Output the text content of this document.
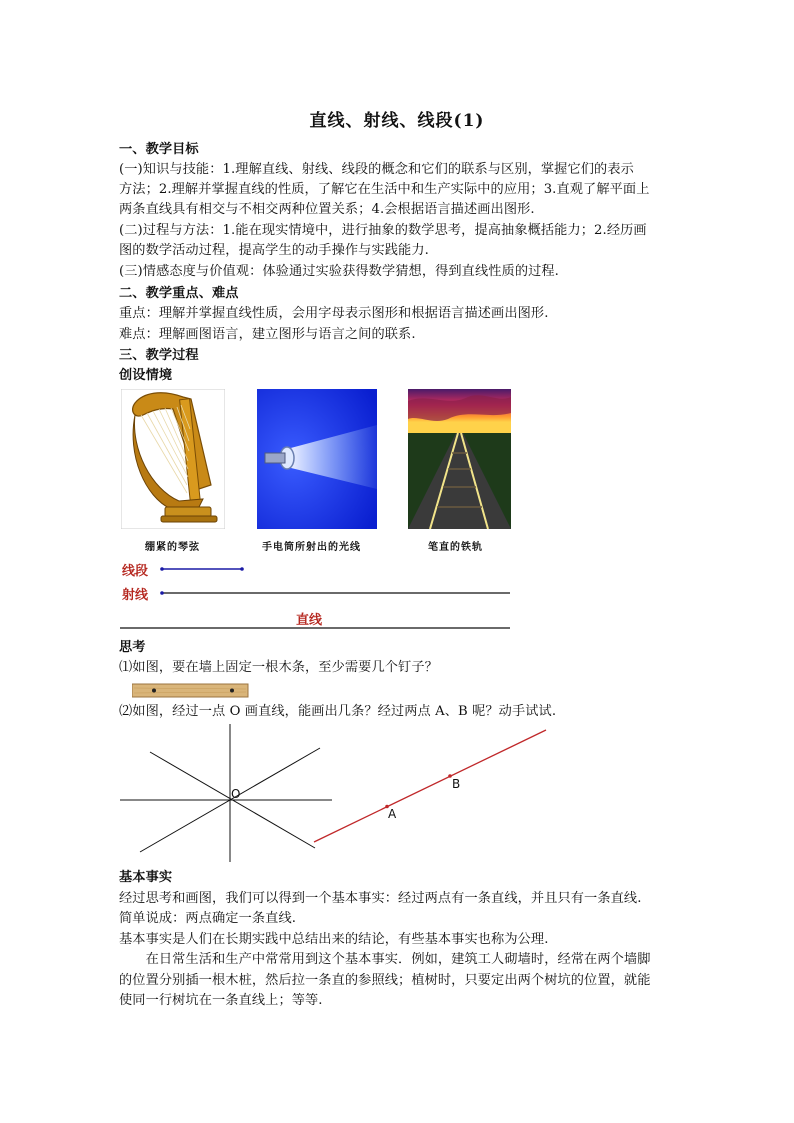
直线、射线、线段(1)
一、教学目标
(一)知识与技能：1.理解直线、射线、线段的概念和它们的联系与区别，掌握它们的表示
方法；2.理解并掌握直线的性质，了解它在生活中和生产实际中的应用；3.直观了解平面上
两条直线具有相交与不相交两种位置关系；4.会根据语言描述画出图形.
(二)过程与方法：1.能在现实情境中，进行抽象的数学思考，提高抽象概括能力；2.经历画
图的数学活动过程，提高学生的动手操作与实践能力.
(三)情感态度与价值观：体验通过实验获得数学猜想，得到直线性质的过程.
二、教学重点、难点
重点：理解并掌握直线性质，会用字母表示图形和根据语言描述画出图形.
难点：理解画图语言，建立图形与语言之间的联系.
三、教学过程
创设情境
绷紧的琴弦	手电筒所射出的光线	笔直的铁轨
线段
射线
直线
思考
⑴如图，要在墙上固定一根木条，至少需要几个钉子？
⑵如图，经过一点 O 画直线，能画出几条？经过两点 A、B 呢？动手试试.
O
A
B
基本事实
经过思考和画图，我们可以得到一个基本事实：经过两点有一条直线，并且只有一条直线.
简单说成：两点确定一条直线.
基本事实是人们在长期实践中总结出来的结论，有些基本事实也称为公理.
　　在日常生活和生产中常常用到这个基本事实．例如，建筑工人砌墙时，经常在两个墙脚
的位置分别插一根木桩，然后拉一条直的参照线；植树时，只要定出两个树坑的位置，就能
使同一行树坑在一条直线上；等等.
